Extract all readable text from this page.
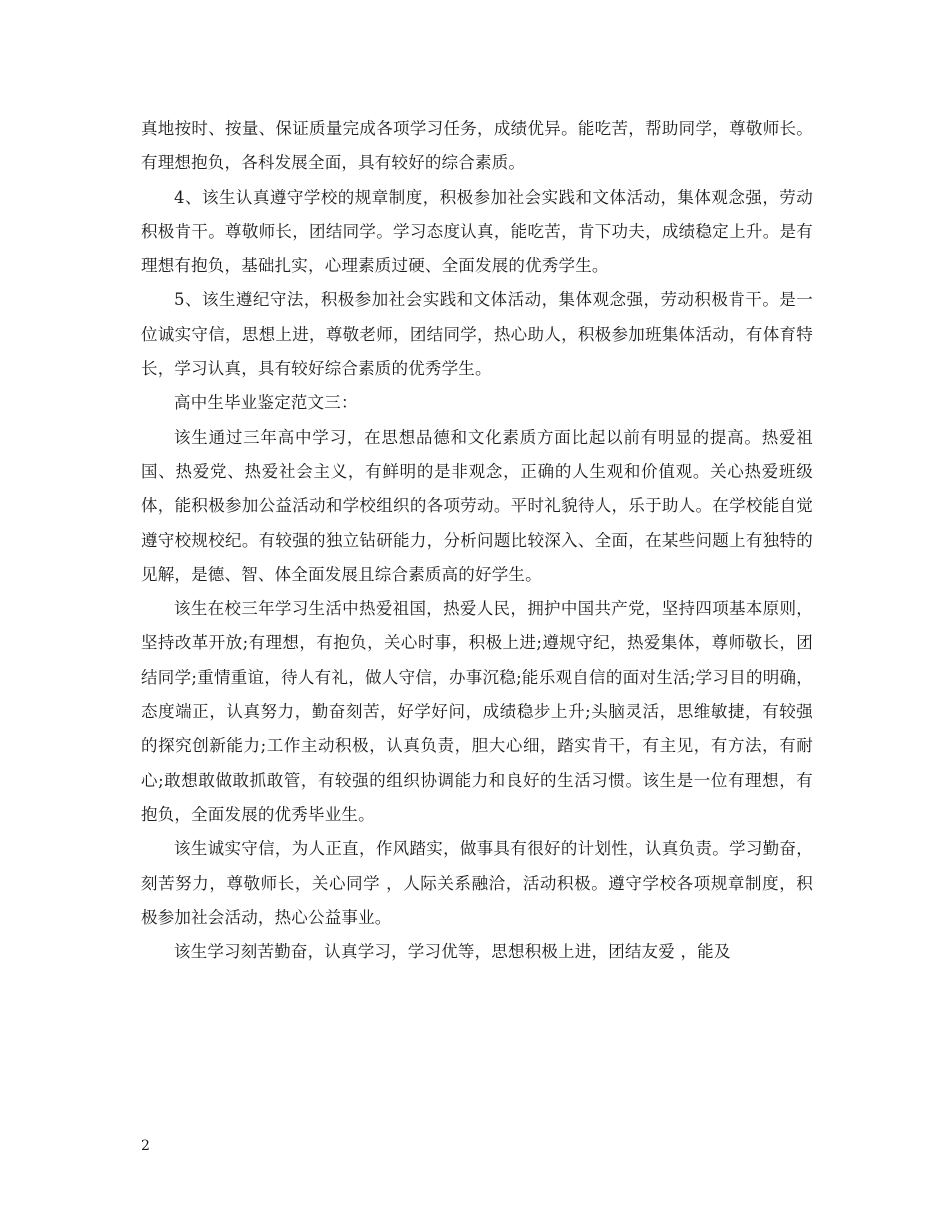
真地按时、按量、保证质量完成各项学习任务，成绩优异。能吃苦，帮助同学，尊敬师长。有理想抱负，各科发展全面，具有较好的综合素质。

4、该生认真遵守学校的规章制度，积极参加社会实践和文体活动，集体观念强，劳动积极肯干。尊敬师长，团结同学。学习态度认真，能吃苦，肯下功夫，成绩稳定上升。是有理想有抱负，基础扎实，心理素质过硬、全面发展的优秀学生。

5、该生遵纪守法，积极参加社会实践和文体活动，集体观念强，劳动积极肯干。是一位诚实守信，思想上进，尊敬老师，团结同学，热心助人，积极参加班集体活动，有体育特长，学习认真，具有较好综合素质的优秀学生。

高中生毕业鉴定范文三：

该生通过三年高中学习，在思想品德和文化素质方面比起以前有明显的提高。热爱祖国、热爱党、热爱社会主义，有鲜明的是非观念，正确的人生观和价值观。关心热爱班级体，能积极参加公益活动和学校组织的各项劳动。平时礼貌待人，乐于助人。在学校能自觉遵守校规校纪。有较强的独立钻研能力，分析问题比较深入、全面，在某些问题上有独特的见解，是德、智、体全面发展且综合素质高的好学生。

该生在校三年学习生活中热爱祖国，热爱人民，拥护中国共产党，坚持四项基本原则，坚持改革开放;有理想，有抱负，关心时事，积极上进;遵规守纪，热爱集体，尊师敬长，团结同学;重情重谊，待人有礼，做人守信，办事沉稳;能乐观自信的面对生活;学习目的明确，态度端正，认真努力，勤奋刻苦，好学好问，成绩稳步上升;头脑灵活，思维敏捷，有较强的探究创新能力;工作主动积极，认真负责，胆大心细，踏实肯干，有主见，有方法，有耐心;敢想敢做敢抓敢管，有较强的组织协调能力和良好的生活习惯。该生是一位有理想，有抱负，全面发展的优秀毕业生。

该生诚实守信，为人正直，作风踏实，做事具有很好的计划性，认真负责。学习勤奋，刻苦努力，尊敬师长，关心同学 ，人际关系融洽，活动积极。遵守学校各项规章制度，积极参加社会活动，热心公益事业。

该生学习刻苦勤奋，认真学习，学习优等，思想积极上进，团结友爱 ，能及

2
